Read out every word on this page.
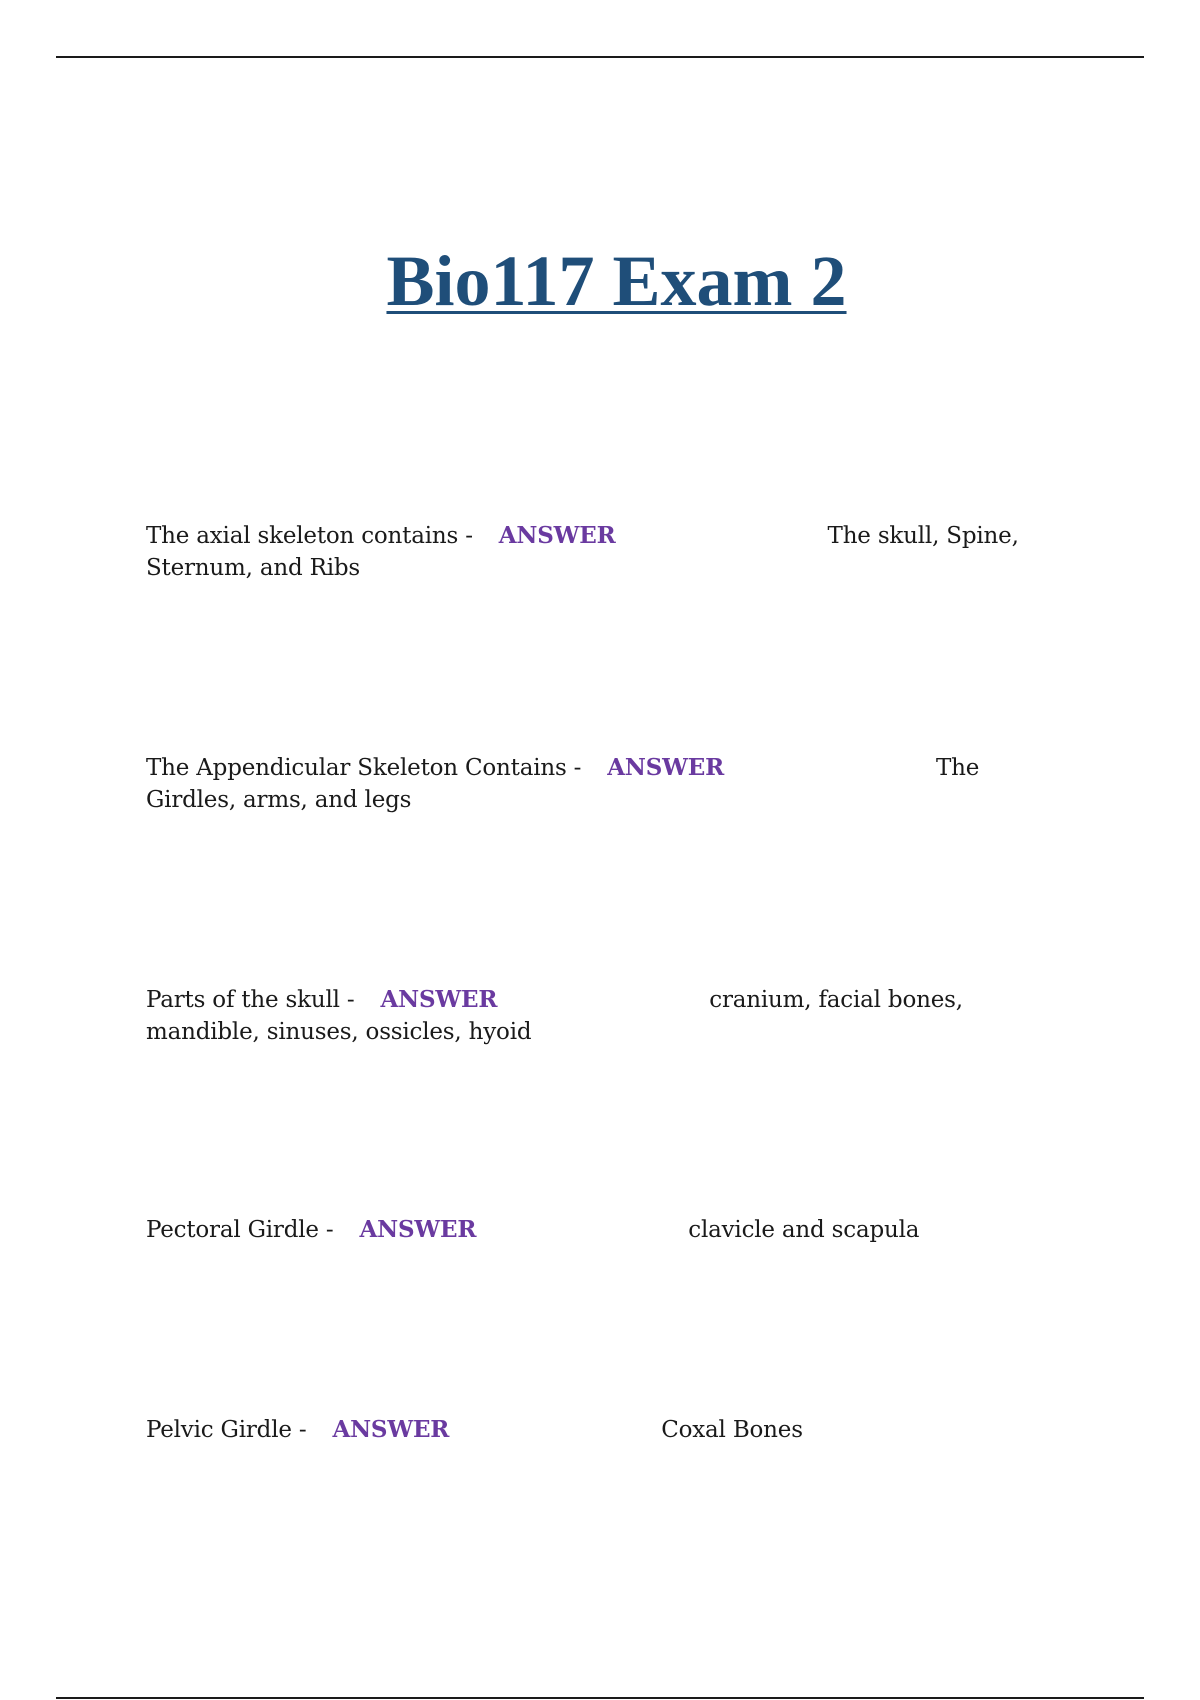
Bio117 Exam 2

The axial skeleton contains - ANSWER	The skull, Spine, Sternum, and Ribs

The Appendicular Skeleton Contains - ANSWER	The Girdles, arms, and legs

Parts of the skull - ANSWER	cranium, facial bones, mandible, sinuses, ossicles, hyoid

Pectoral Girdle - ANSWER	clavicle and scapula

Pelvic Girdle - ANSWER	Coxal Bones
